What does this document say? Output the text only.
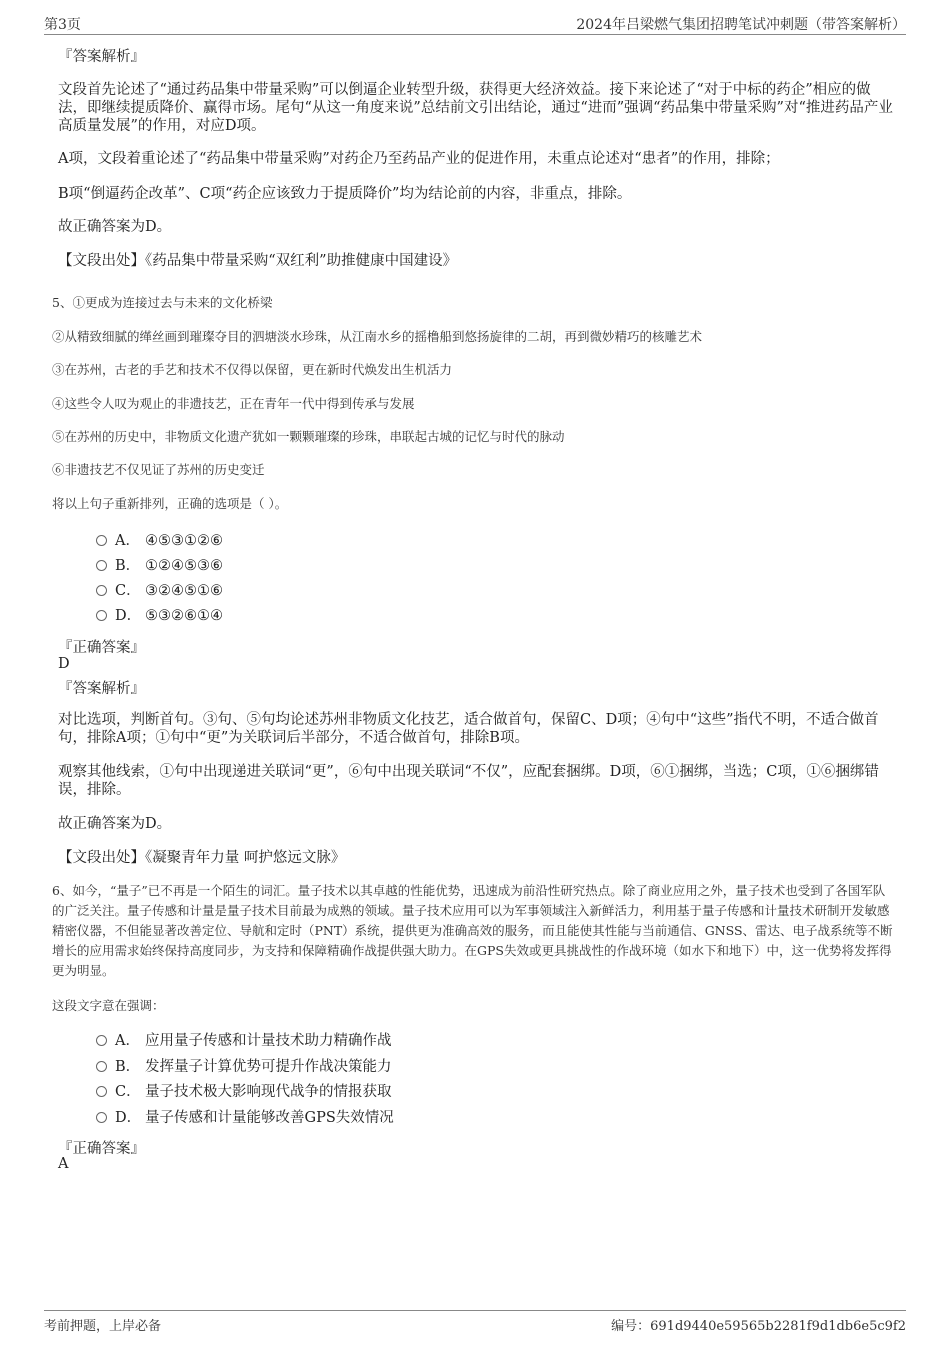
第3页	2024年吕梁燃气集团招聘笔试冲刺题（带答案解析）
『答案解析』
文段首先论述了“通过药品集中带量采购”可以倒逼企业转型升级，获得更大经济效益。接下来论述了“对于中标的药企”相应的做法，即继续提质降价、赢得市场。尾句“从这一角度来说”总结前文引出结论，通过“进而”强调“药品集中带量采购”对“推进药品产业高质量发展”的作用，对应D项。
A项，文段着重论述了“药品集中带量采购”对药企乃至药品产业的促进作用，未重点论述对“患者”的作用，排除；
B项“倒逼药企改革”、C项“药企应该致力于提质降价”均为结论前的内容，非重点，排除。
故正确答案为D。
【文段出处】《药品集中带量采购“双红利”助推健康中国建设》
5、①更成为连接过去与未来的文化桥梁
②从精致细腻的缂丝画到璀璨夺目的泗塘淡水珍珠，从江南水乡的摇橹船到悠扬旋律的二胡，再到微妙精巧的核雕艺术
③在苏州，古老的手艺和技术不仅得以保留，更在新时代焕发出生机活力
④这些令人叹为观止的非遗技艺，正在青年一代中得到传承与发展
⑤在苏州的历史中，非物质文化遗产犹如一颗颗璀璨的珍珠，串联起古城的记忆与时代的脉动
⑥非遗技艺不仅见证了苏州的历史变迁
将以上句子重新排列，正确的选项是（ ）。
A． ④⑤③①②⑥
B． ①②④⑤③⑥
C． ③②④⑤①⑥
D． ⑤③②⑥①④
『正确答案』
D
『答案解析』
对比选项，判断首句。③句、⑤句均论述苏州非物质文化技艺，适合做首句，保留C、D项；④句中“这些”指代不明，不适合做首句，排除A项；①句中“更”为关联词后半部分，不适合做首句，排除B项。
观察其他线索，①句中出现递进关联词“更”，⑥句中出现关联词“不仅”，应配套捆绑。D项，⑥①捆绑，当选；C项，①⑥捆绑错误，排除。
故正确答案为D。
【文段出处】《凝聚青年力量 呵护悠远文脉》
6、如今，“量子”已不再是一个陌生的词汇。量子技术以其卓越的性能优势，迅速成为前沿性研究热点。除了商业应用之外，量子技术也受到了各国军队的广泛关注。量子传感和计量是量子技术目前最为成熟的领域。量子技术应用可以为军事领域注入新鲜活力，利用基于量子传感和计量技术研制开发敏感精密仪器，不但能显著改善定位、导航和定时（PNT）系统，提供更为准确高效的服务，而且能使其性能与当前通信、GNSS、雷达、电子战系统等不断增长的应用需求始终保持高度同步，为支持和保障精确作战提供强大助力。在GPS失效或更具挑战性的作战环境（如水下和地下）中，这一优势将发挥得更为明显。
这段文字意在强调：
A． 应用量子传感和计量技术助力精确作战
B． 发挥量子计算优势可提升作战决策能力
C． 量子技术极大影响现代战争的情报获取
D． 量子传感和计量能够改善GPS失效情况
『正确答案』
A
考前押题，上岸必备	编号：691d9440e59565b2281f9d1db6e5c9f2
